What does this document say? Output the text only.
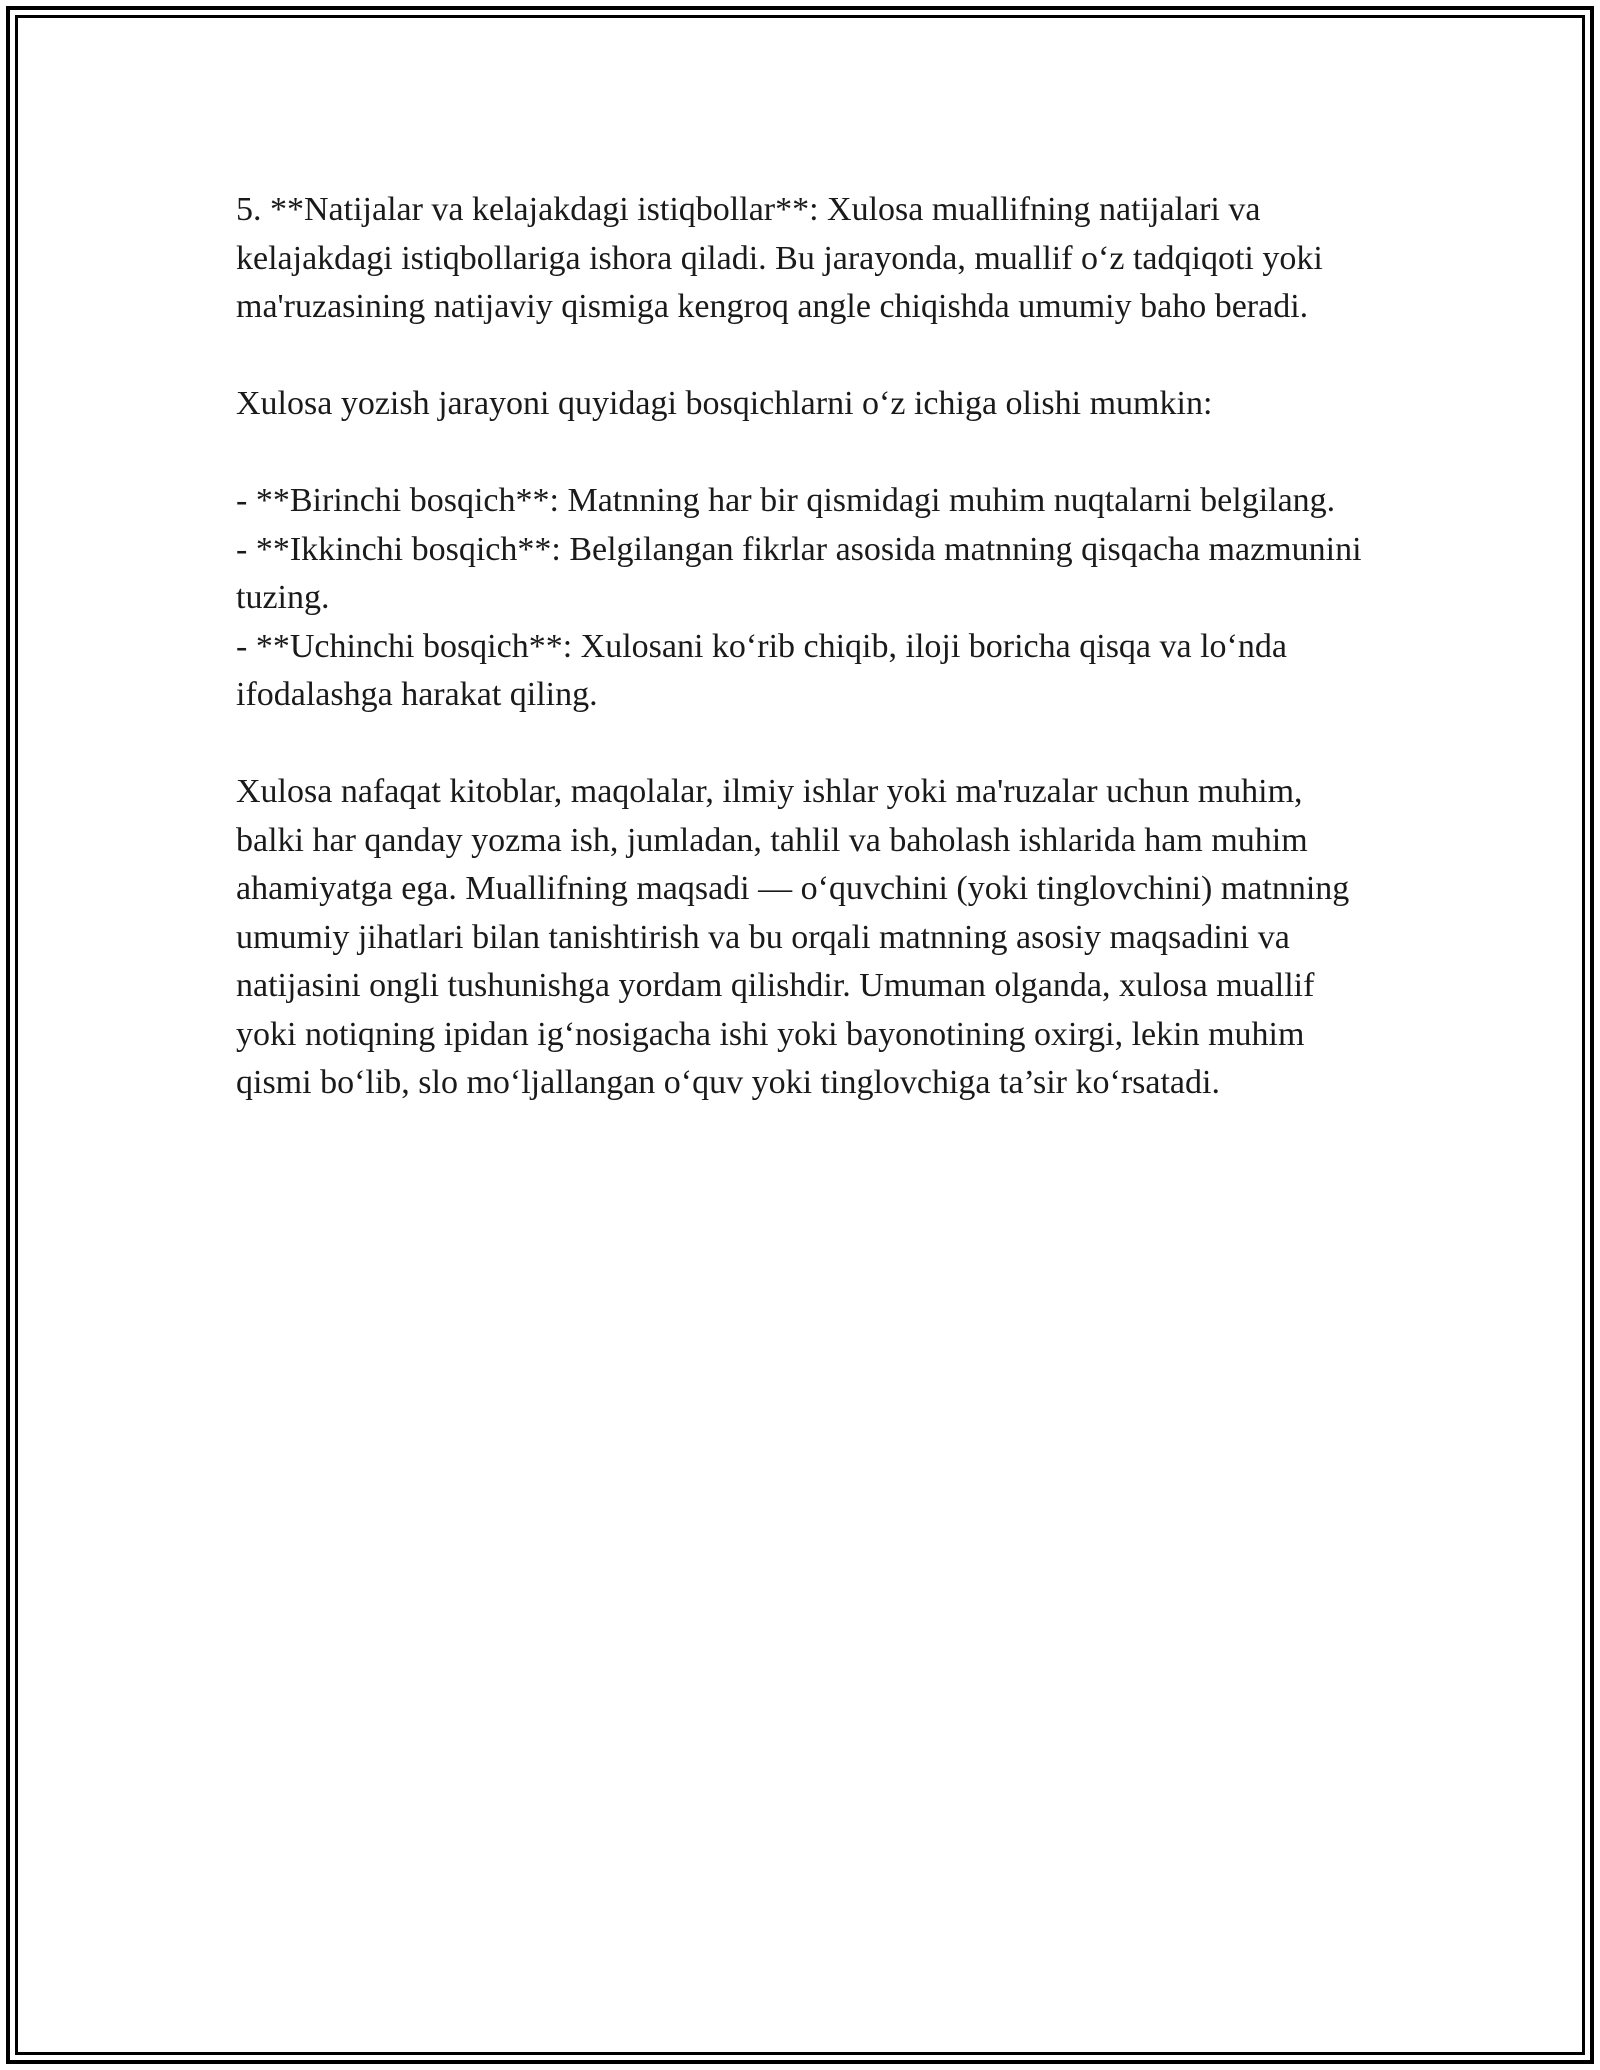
5. **Natijalar va kelajakdagi istiqbollar**: Xulosa muallifning natijalari va kelajakdagi istiqbollariga ishora qiladi. Bu jarayonda, muallif o‘z tadqiqoti yoki ma'ruzasining natijaviy qismiga kengroq angle chiqishda umumiy baho beradi.

Xulosa yozish jarayoni quyidagi bosqichlarni o‘z ichiga olishi mumkin:

- **Birinchi bosqich**: Matnning har bir qismidagi muhim nuqtalarni belgilang.

- **Ikkinchi bosqich**: Belgilangan fikrlar asosida matnning qisqacha mazmunini tuzing.

- **Uchinchi bosqich**: Xulosani ko‘rib chiqib, iloji boricha qisqa va lo‘nda ifodalashga harakat qiling.

Xulosa nafaqat kitoblar, maqolalar, ilmiy ishlar yoki ma'ruzalar uchun muhim, balki har qanday yozma ish, jumladan, tahlil va baholash ishlarida ham muhim ahamiyatga ega. Muallifning maqsadi — o‘quvchini (yoki tinglovchini) matnning umumiy jihatlari bilan tanishtirish va bu orqali matnning asosiy maqsadini va natijasini ongli tushunishga yordam qilishdir. Umuman olganda, xulosa muallif yoki notiqning ipidan ig‘nosigacha ishi yoki bayonotining oxirgi, lekin muhim qismi bo‘lib, slo mo‘ljallangan o‘quv yoki tinglovchiga ta’sir ko‘rsatadi.
